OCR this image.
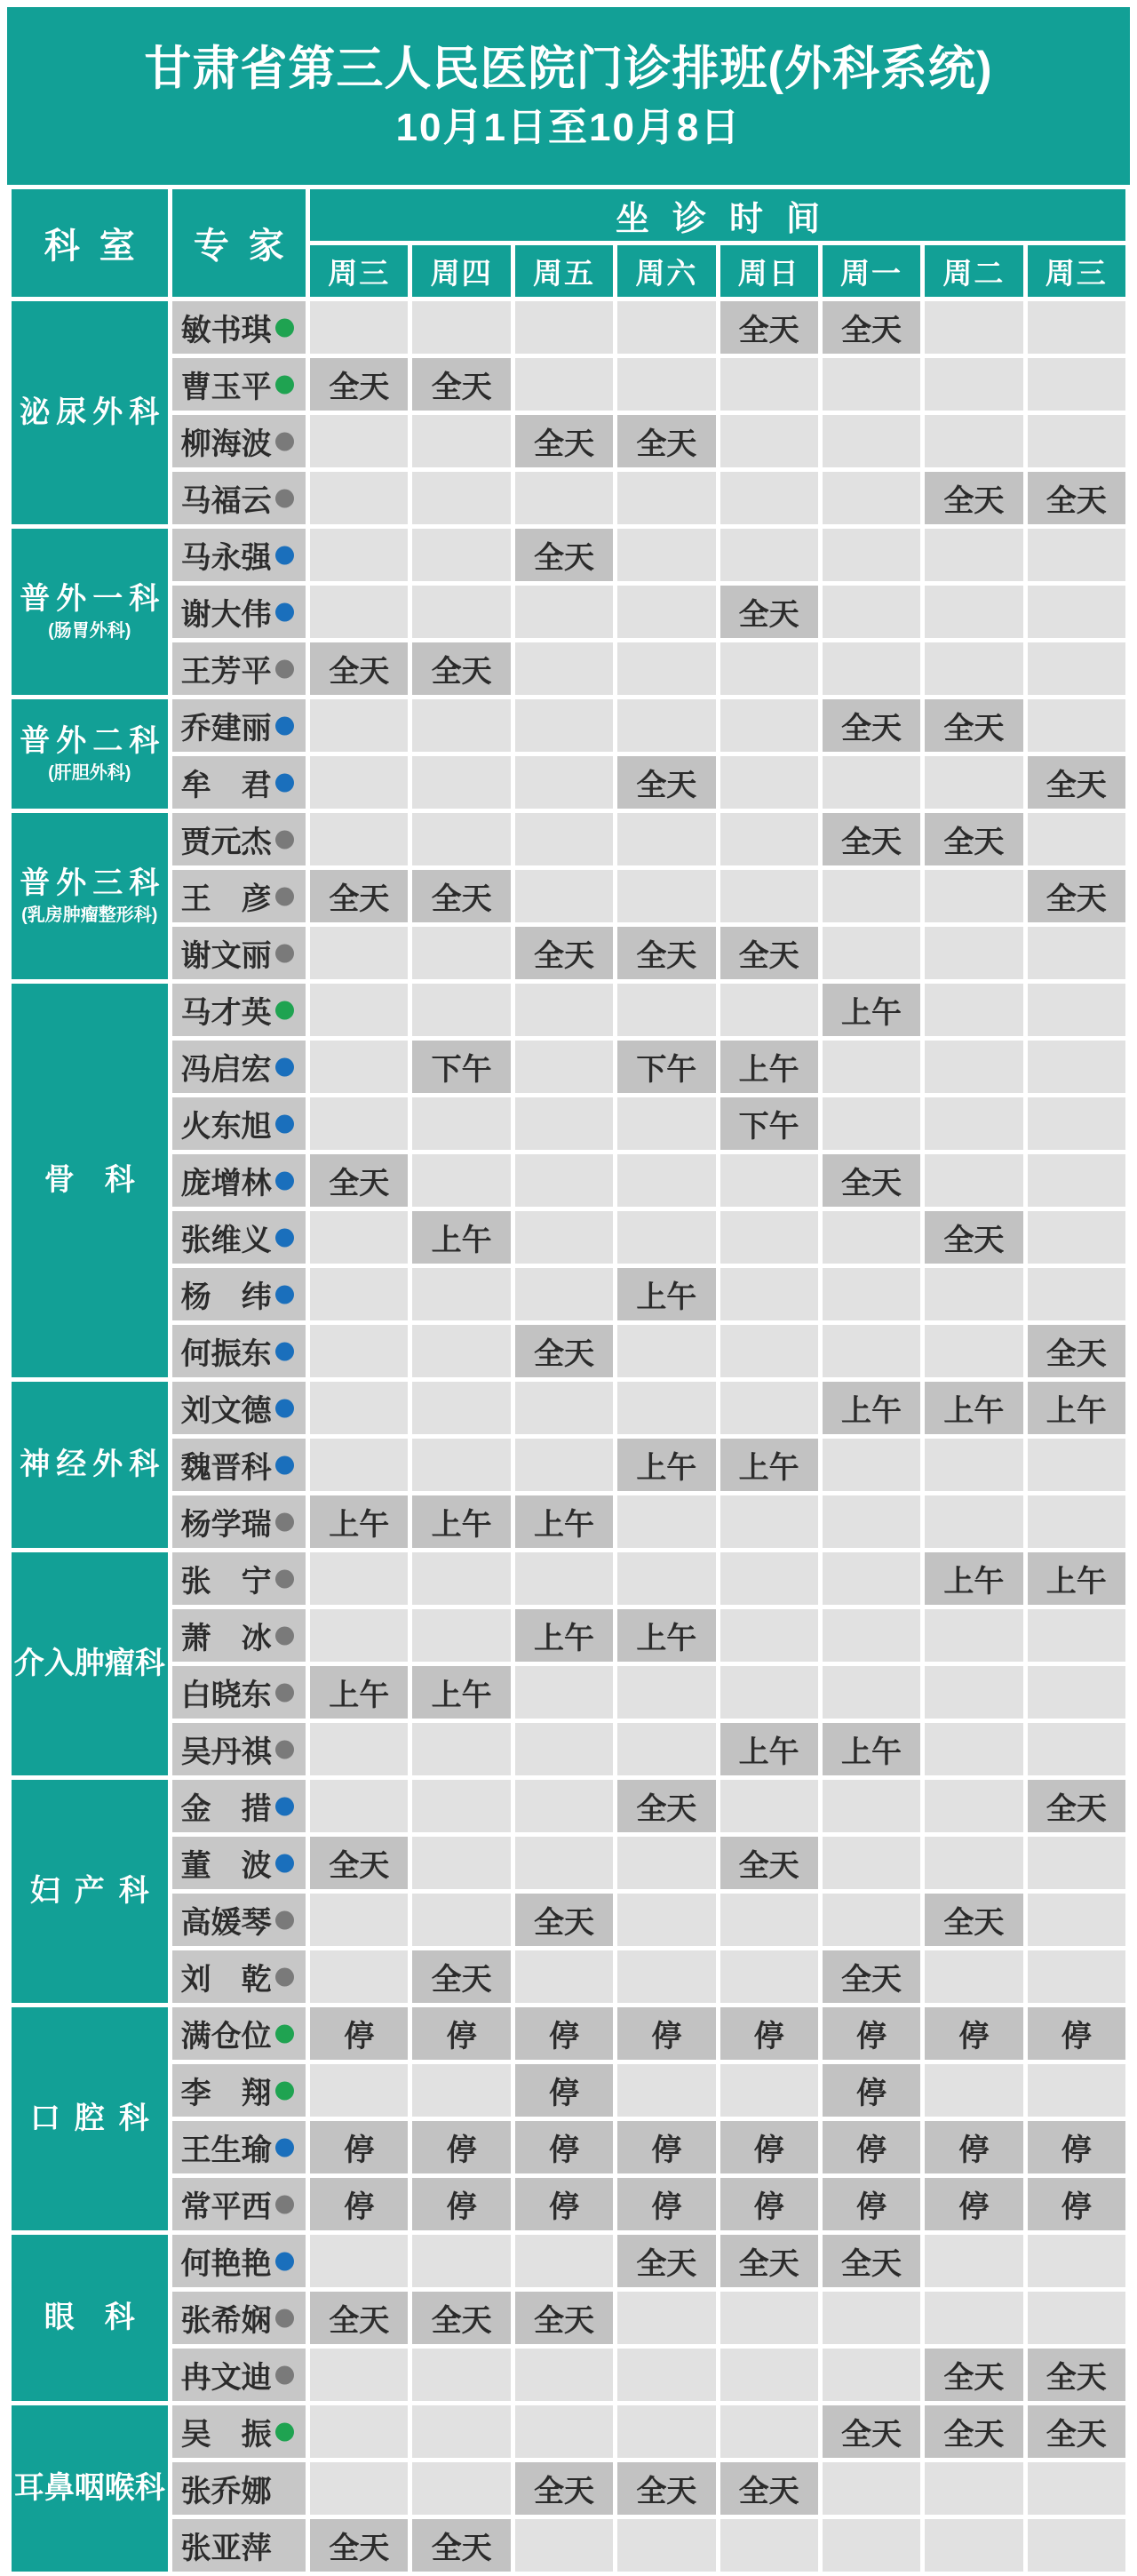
甘肃省第三人民医院门诊排班(外科系统)
10月1日至10月8日
科室	专家	坐诊时间							
		周三	周四	周五	周六	周日	周一	周二	周三

泌尿外科	敏书琪					全天	全天		
	曹玉平	全天	全天						
	柳海波			全天	全天				
	马福云							全天	全天

普外一科
(肠胃外科)	马永强			全天					
	谢大伟					全天			
	王芳平	全天	全天						

普外二科
(肝胆外科)	乔建丽						全天	全天	
	牟　君				全天				全天

普外三科
(乳房肿瘤整形科)	贾元杰						全天	全天	
	王　彦	全天	全天						全天
	谢文丽			全天	全天	全天			

骨　科	马才英						上午		
	冯启宏		下午		下午	上午			
	火东旭					下午			
	庞增林	全天					全天		
	张维义		上午					全天	
	杨　纬				上午				
	何振东			全天					全天

神经外科	刘文德						上午	上午	上午
	魏晋科				上午	上午			
	杨学瑞	上午	上午	上午					

介入肿瘤科	张　宁							上午	上午
	萧　冰			上午	上午				
	白晓东	上午	上午						
	吴丹祺					上午	上午		

妇产科	金　措				全天				全天
	董　波	全天				全天			
	高媛琴			全天				全天	
	刘　乾		全天				全天		

口腔科	满仓位	停	停	停	停	停	停	停	停
	李　翔			停			停		
	王生瑜	停	停	停	停	停	停	停	停
	常平西	停	停	停	停	停	停	停	停

眼　科	何艳艳				全天	全天	全天		
	张希娴	全天	全天	全天					
	冉文迪							全天	全天

耳鼻咽喉科	吴　振						全天	全天	全天
	张乔娜			全天	全天	全天			
	张亚萍	全天	全天						
